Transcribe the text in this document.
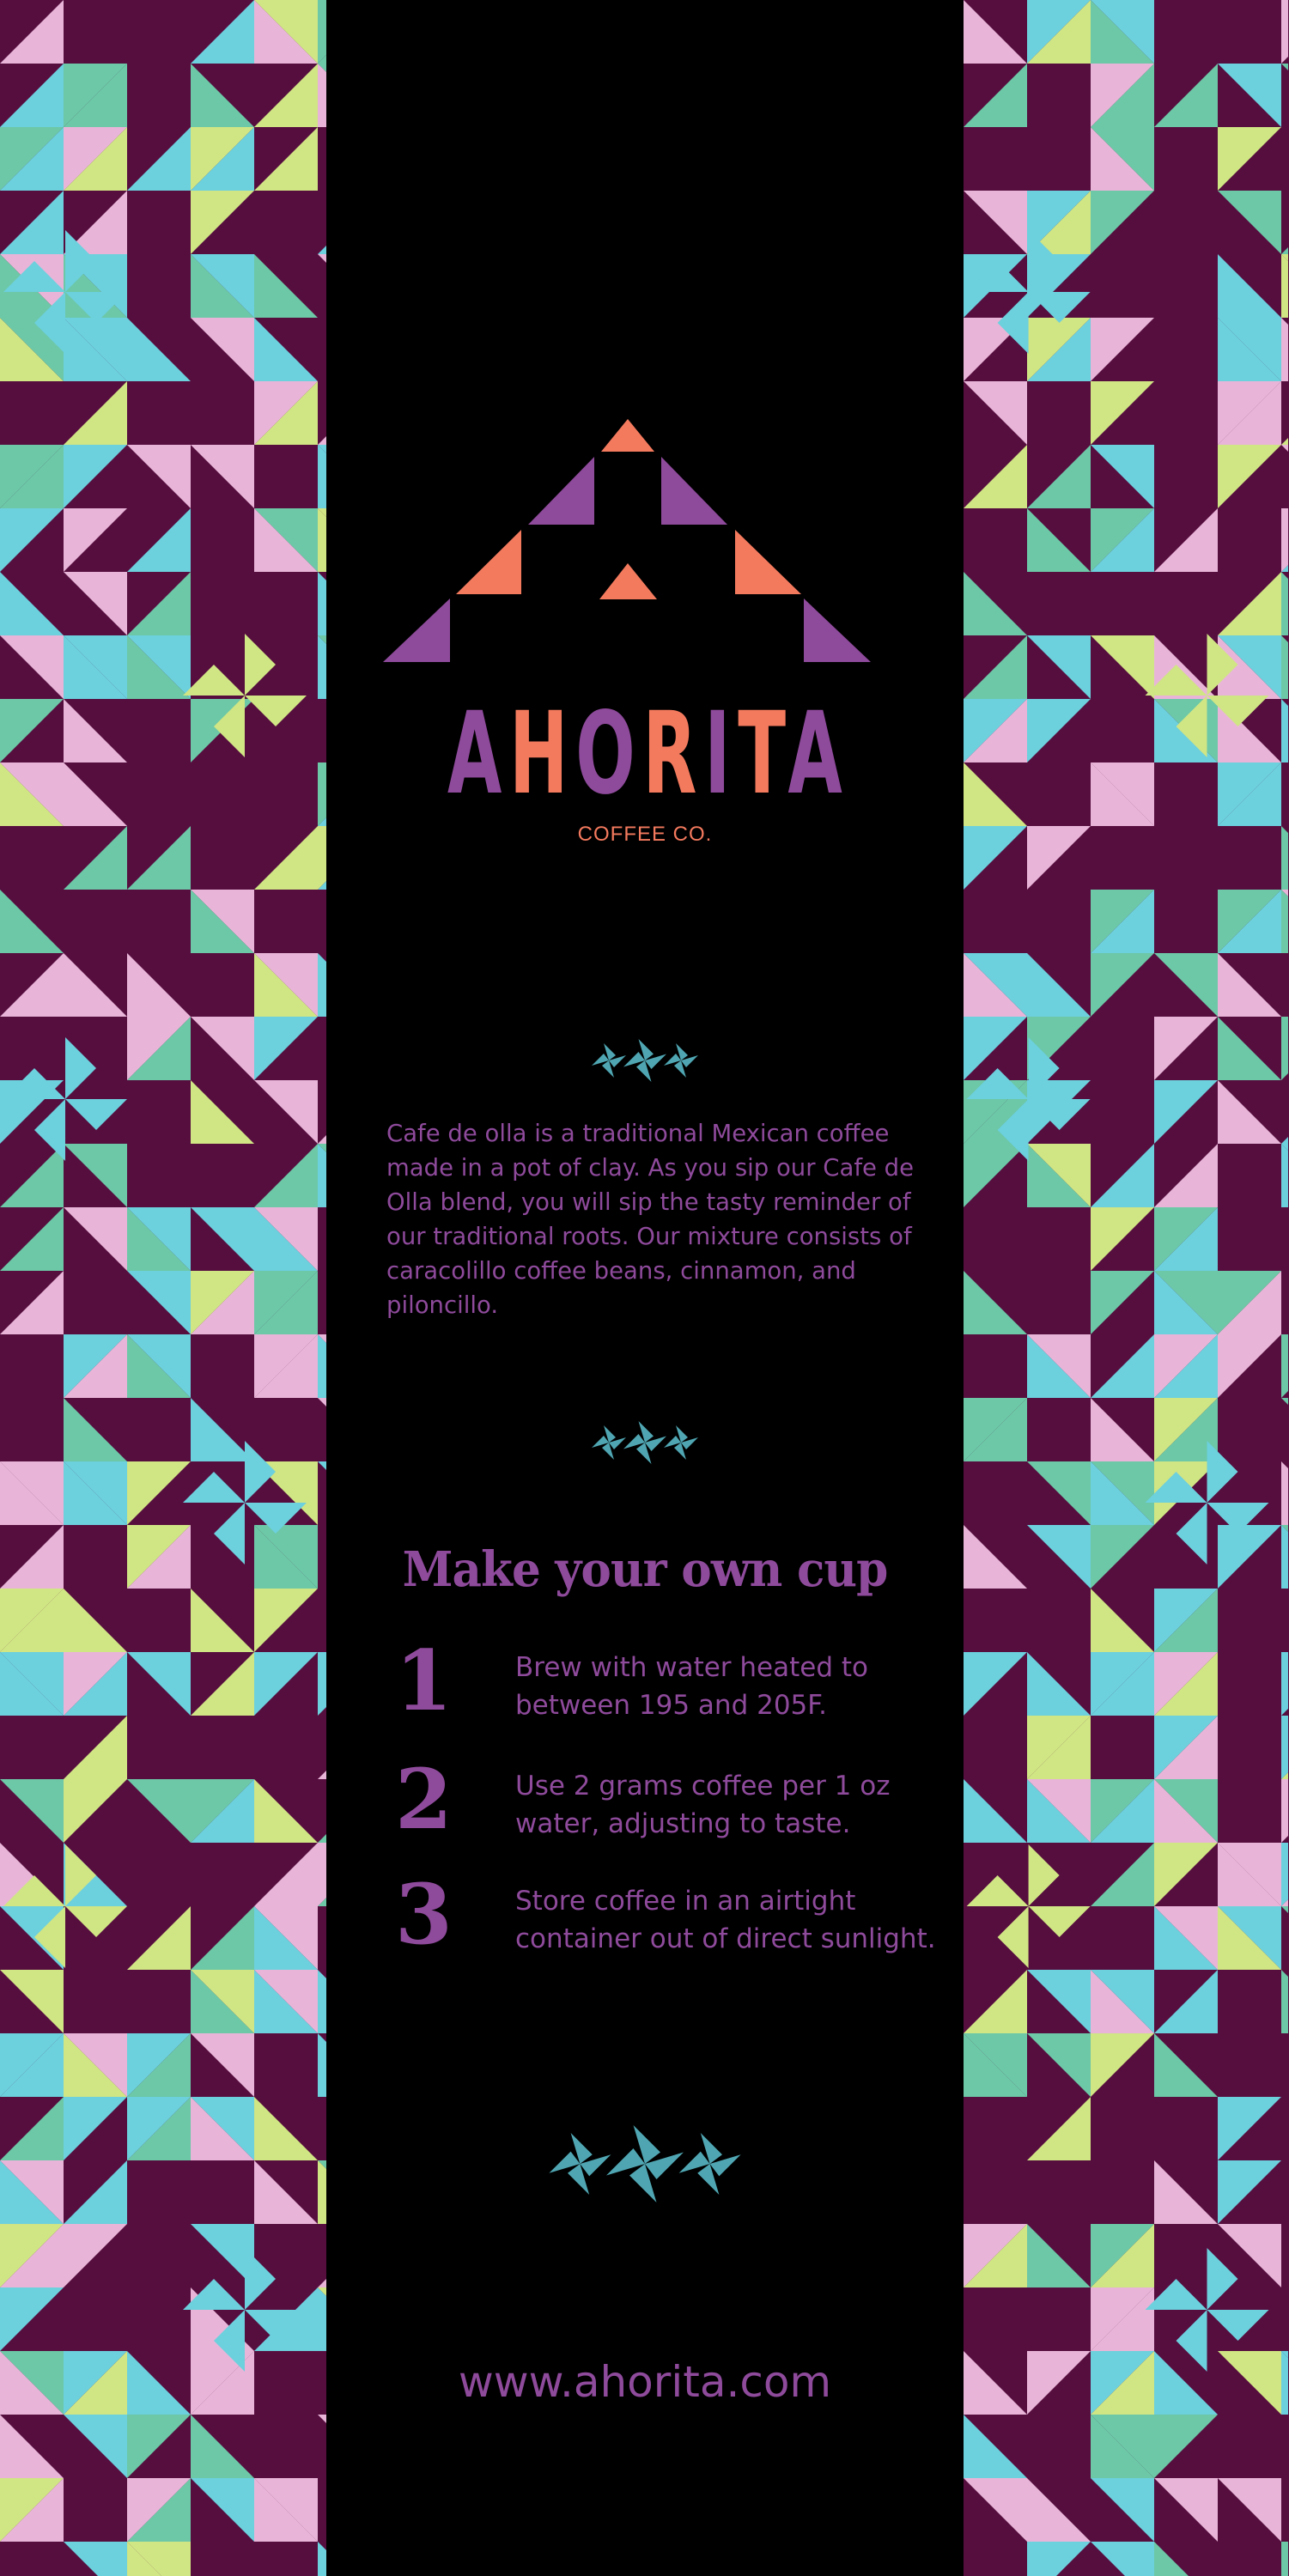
AHORITA
COFFEE CO.
Cafe de olla is a traditional Mexican coffee made in a pot of clay. As you sip our Cafe de Olla blend, you will sip the tasty reminder of our traditional roots. Our mixture consists of caracolillo coffee beans, cinnamon, and piloncillo.
Make your own cup
1 Brew with water heated to between 195 and 205F.
2 Use 2 grams coffee per 1 oz water, adjusting to taste.
3 Store coffee in an airtight container out of direct sunlight.
www.ahorita.com
